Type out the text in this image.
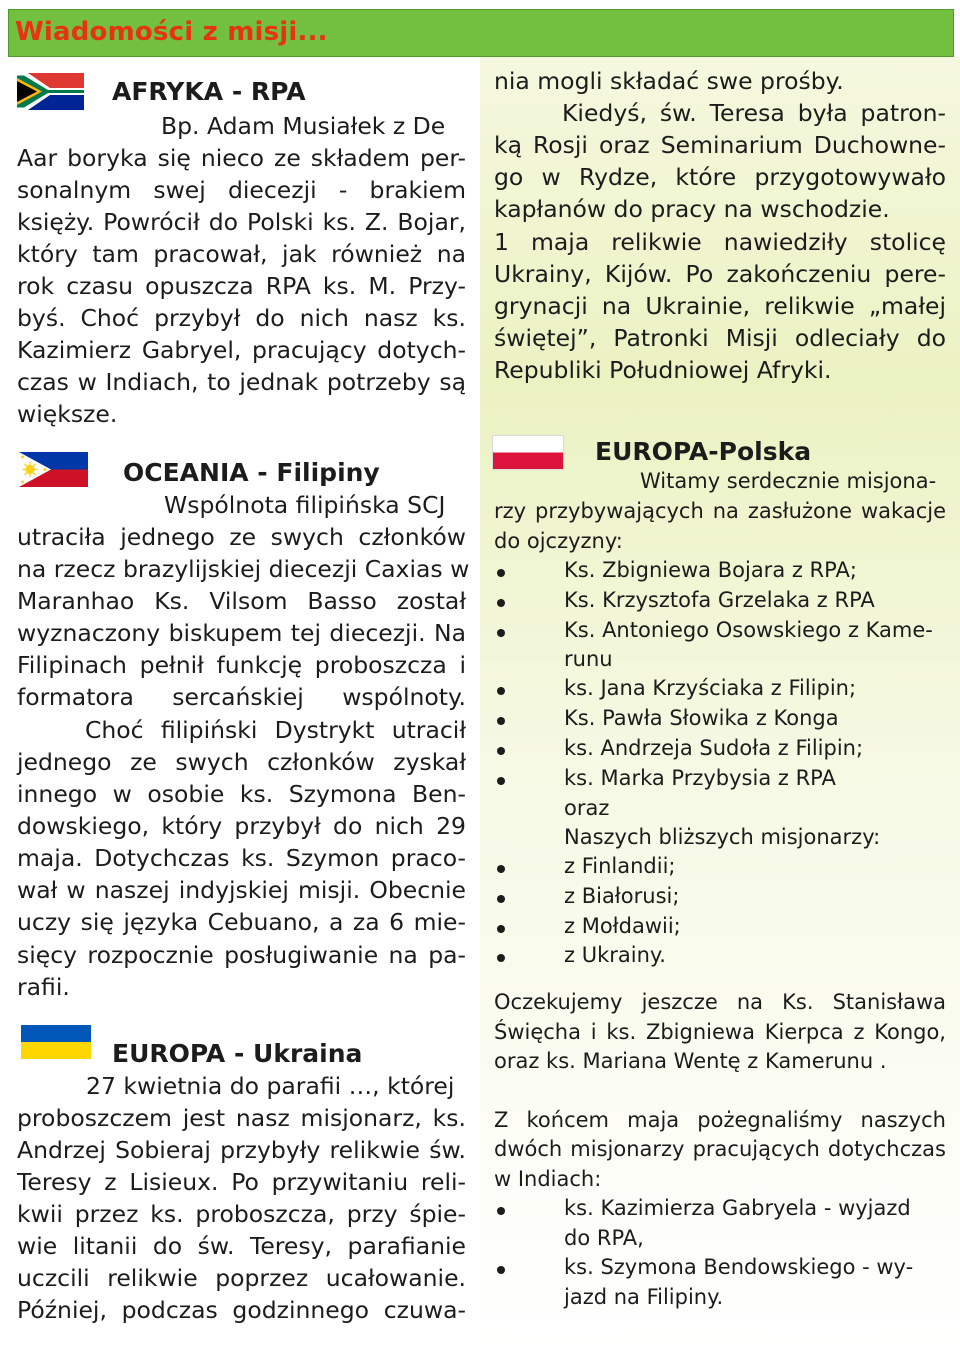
Wiadomości z misji...
AFRYKA - RPA
Bp. Adam Musiałek z De
Aar boryka się nieco ze składem per-
sonalnym swej diecezji - brakiem
księży. Powrócił do Polski ks. Z. Bojar,
który tam pracował, jak również na
rok czasu opuszcza RPA ks. M. Przy-
byś. Choć przybył do nich nasz ks.
Kazimierz Gabryel, pracujący dotych-
czas w Indiach, to jednak potrzeby są
większe.
OCEANIA - Filipiny
Wspólnota filipińska SCJ
utraciła jednego ze swych członków
na rzecz brazylijskiej diecezji Caxias w
Maranhao Ks. Vilsom Basso został
wyznaczony biskupem tej diecezji. Na
Filipinach pełnił funkcję proboszcza i
formatora sercańskiej wspólnoty.
Choć filipiński Dystrykt utracił
jednego ze swych członków zyskał
innego w osobie ks. Szymona Ben-
dowskiego, który przybył do nich 29
maja. Dotychczas ks. Szymon praco-
wał w naszej indyjskiej misji. Obecnie
uczy się języka Cebuano, a za 6 mie-
sięcy rozpocznie posługiwanie na pa-
rafii.
EUROPA - Ukraina
27 kwietnia do parafii …, której
proboszczem jest nasz misjonarz, ks.
Andrzej Sobieraj przybyły relikwie św.
Teresy z Lisieux. Po przywitaniu reli-
kwii przez ks. proboszcza, przy śpie-
wie litanii do św. Teresy, parafianie
uczcili relikwie poprzez ucałowanie.
Później, podczas godzinnego czuwa-
nia mogli składać swe prośby.
Kiedyś, św. Teresa była patron-
ką Rosji oraz Seminarium Duchowne-
go w Rydze, które przygotowywało
kapłanów do pracy na wschodzie.
1 maja relikwie nawiedziły stolicę
Ukrainy, Kijów. Po zakończeniu pere-
grynacji na Ukrainie, relikwie „małej
świętej”, Patronki Misji odleciały do
Republiki Południowej Afryki.
EUROPA-Polska
Witamy serdecznie misjona-
rzy przybywających na zasłużone wakacje
do ojczyzny:
Ks. Zbigniewa Bojara z RPA;
Ks. Krzysztofa Grzelaka z RPA
Ks. Antoniego Osowskiego z Kame-
runu
ks. Jana Krzyściaka z Filipin;
Ks. Pawła Słowika z Konga
ks. Andrzeja Sudoła z Filipin;
ks. Marka Przybysia z RPA
oraz
Naszych bliższych misjonarzy:
z Finlandii;
z Białorusi;
z Mołdawii;
z Ukrainy.
Oczekujemy jeszcze na Ks. Stanisława
Święcha i ks. Zbigniewa Kierpca z Kongo,
oraz ks. Mariana Wentę z Kamerunu .
Z końcem maja pożegnaliśmy naszych
dwóch misjonarzy pracujących dotychczas
w Indiach:
ks. Kazimierza Gabryela - wyjazd
do RPA,
ks. Szymona Bendowskiego - wy-
jazd na Filipiny.
